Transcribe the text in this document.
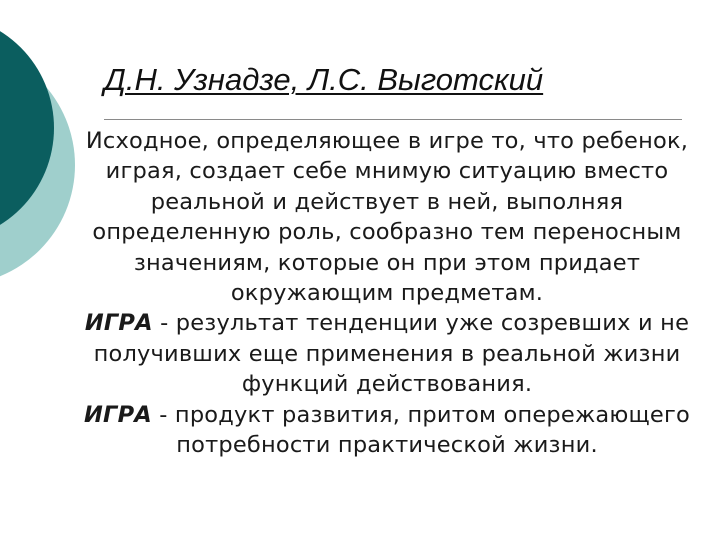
Д.Н. Узнадзе, Л.С. Выготский

Исходное, определяющее в игре то, что ребенок, играя, создает себе мнимую ситуацию вместо реальной и действует в ней, выполняя определенную роль, сообразно тем переносным значениям, которые он при этом придает окружающим предметам.

ИГРА - результат тенденции уже созревших и не получивших еще применения в реальной жизни функций действования.

ИГРА - продукт развития, притом опережающего потребности практической жизни.
